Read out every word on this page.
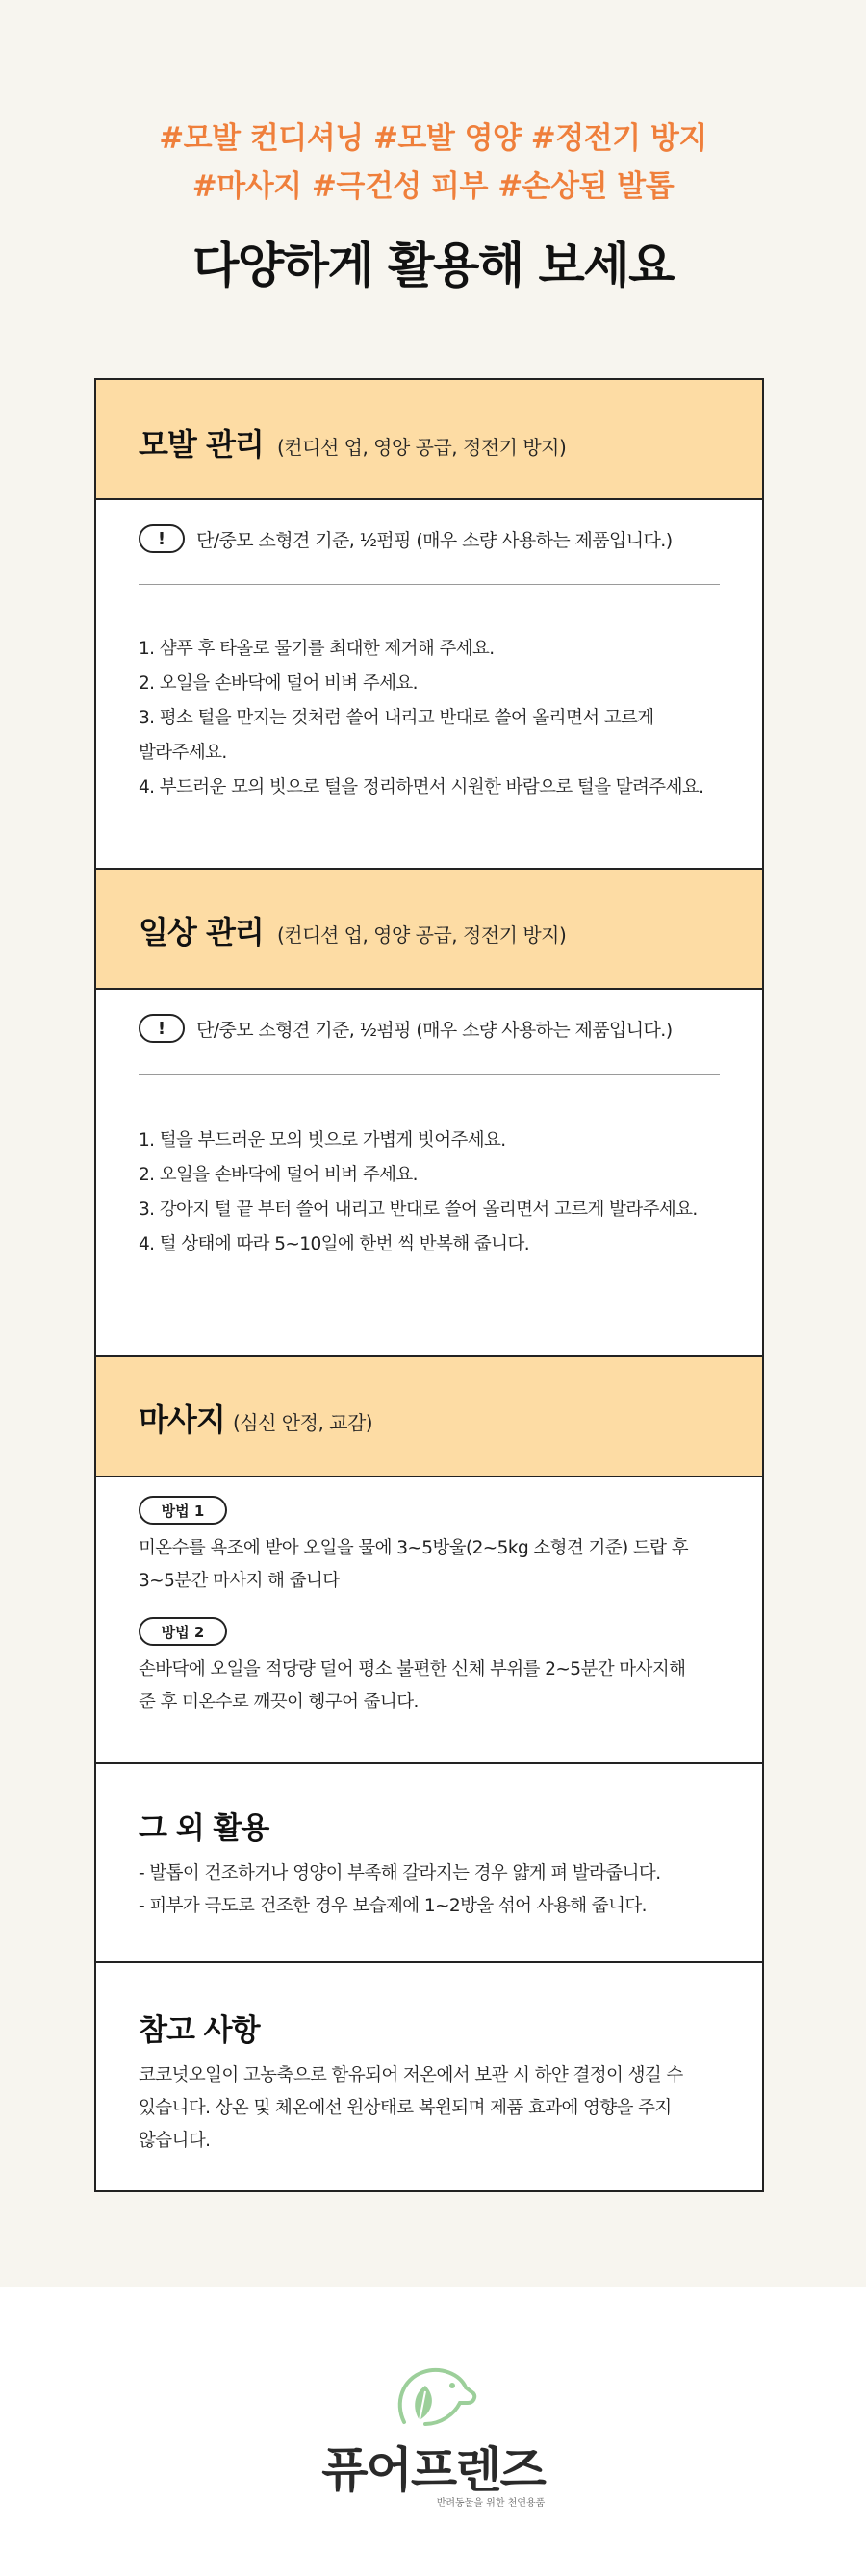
#모발 컨디셔닝 #모발 영양 #정전기 방지
#마사지 #극건성 피부 #손상된 발톱
다양하게 활용해 보세요
모발 관리 (컨디션 업, 영양 공급, 정전기 방지)
!	단/중모 소형견 기준, ½펌핑 (매우 소량 사용하는 제품입니다.)
1. 샴푸 후 타올로 물기를 최대한 제거해 주세요.
2. 오일을 손바닥에 덜어 비벼 주세요.
3. 평소 털을 만지는 것처럼 쓸어 내리고 반대로 쓸어 올리면서 고르게
발라주세요.
4. 부드러운 모의 빗으로 털을 정리하면서 시원한 바람으로 털을 말려주세요.
일상 관리 (컨디션 업, 영양 공급, 정전기 방지)
!	단/중모 소형견 기준, ½펌핑 (매우 소량 사용하는 제품입니다.)
1. 털을 부드러운 모의 빗으로 가볍게 빗어주세요.
2. 오일을 손바닥에 덜어 비벼 주세요.
3. 강아지 털 끝 부터 쓸어 내리고 반대로 쓸어 올리면서 고르게 발라주세요.
4. 털 상태에 따라 5~10일에 한번 씩 반복해 줍니다.
마사지 (심신 안정, 교감)
방법 1
미온수를 욕조에 받아 오일을 물에 3~5방울(2~5kg 소형견 기준) 드랍 후
3~5분간 마사지 해 줍니다
방법 2
손바닥에 오일을 적당량 덜어 평소 불편한 신체 부위를 2~5분간 마사지해
준 후 미온수로 깨끗이 헹구어 줍니다.
그 외 활용
- 발톱이 건조하거나 영양이 부족해 갈라지는 경우 얇게 펴 발라줍니다.
- 피부가 극도로 건조한 경우 보습제에 1~2방울 섞어 사용해 줍니다.
참고 사항
코코넛오일이 고농축으로 함유되어 저온에서 보관 시 하얀 결정이 생길 수
있습니다. 상온 및 체온에선 원상태로 복원되며 제품 효과에 영향을 주지
않습니다.
퓨어프렌즈
반려동물을 위한 천연용품
